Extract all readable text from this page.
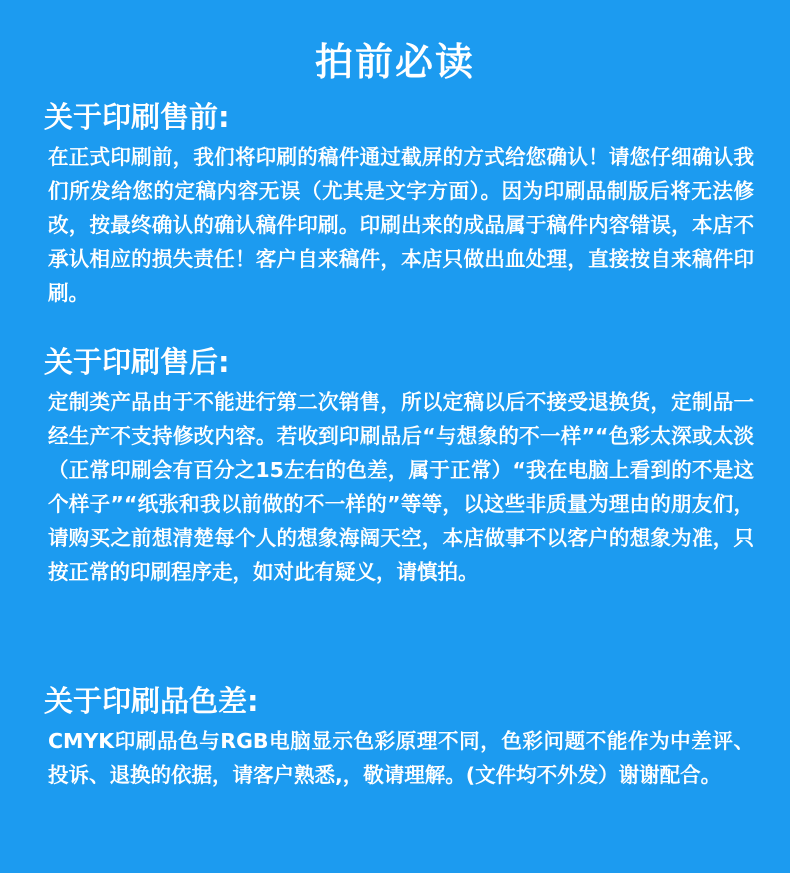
拍前必读
关于印刷售前:

在正式印刷前，我们将印刷的稿件通过截屏的方式给您确认！请您仔细确认我们所发给您的定稿内容无误（尤其是文字方面）。因为印刷品制版后将无法修改，按最终确认的确认稿件印刷。印刷出来的成品属于稿件内容错误，本店不承认相应的损失责任！客户自来稿件，本店只做出血处理，直接按自来稿件印刷。

关于印刷售后:

定制类产品由于不能进行第二次销售，所以定稿以后不接受退换货，定制品一经生产不支持修改内容。若收到印刷品后“与想象的不一样”“色彩太深或太淡（正常印刷会有百分之15左右的色差，属于正常）“我在电脑上看到的不是这个样子”“纸张和我以前做的不一样的”等等，以这些非质量为理由的朋友们，请购买之前想清楚每个人的想象海阔天空，本店做事不以客户的想象为准，只按正常的印刷程序走，如对此有疑义，请慎拍。

关于印刷品色差:

CMYK印刷品色与RGB电脑显示色彩原理不同，色彩问题不能作为中差评、投诉、退换的依据，请客户熟悉,，敬请理解。(文件均不外发）谢谢配合。
